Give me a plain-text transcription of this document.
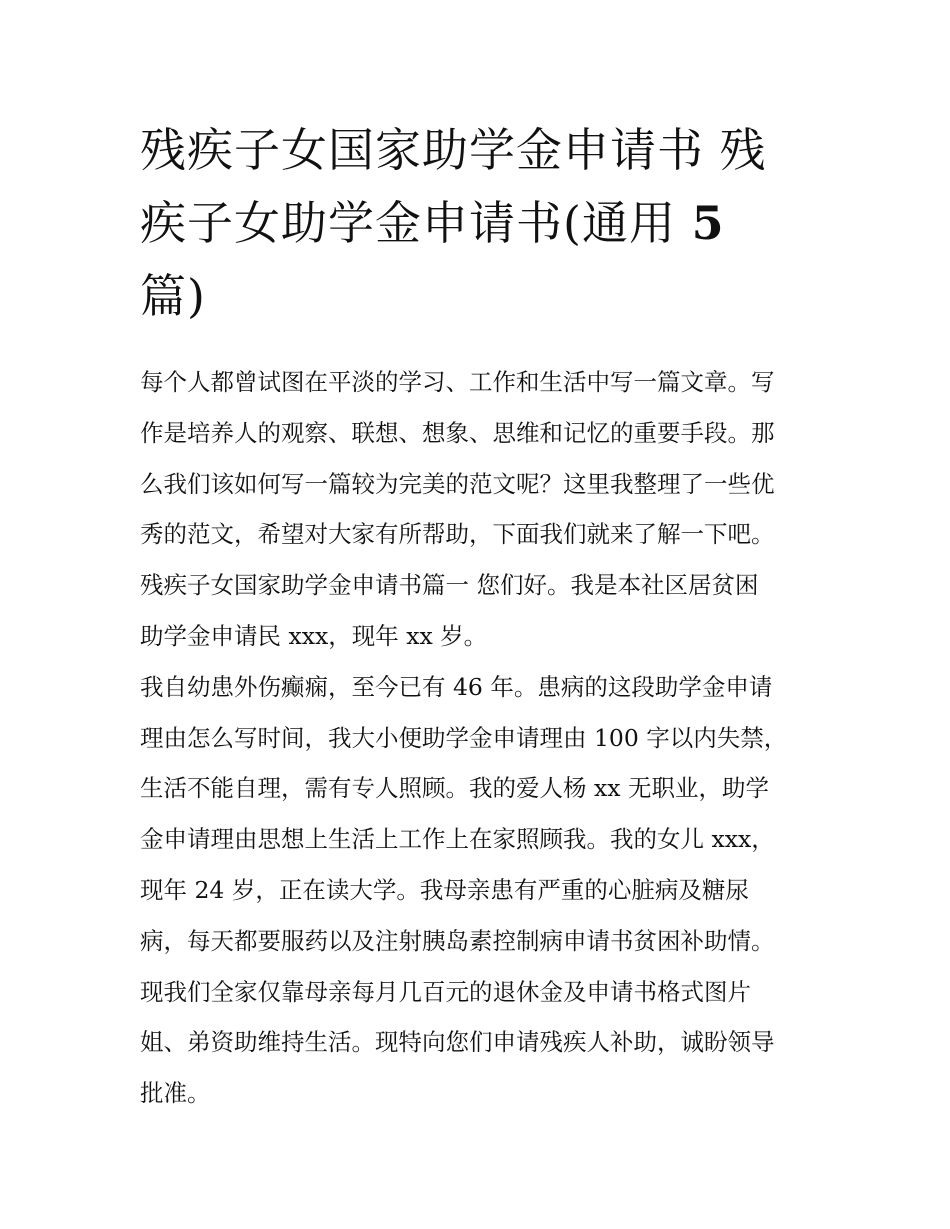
残疾子女国家助学金申请书 残
疾子女助学金申请书(通用 5
篇)
每个人都曾试图在平淡的学习、工作和生活中写一篇文章。写
作是培养人的观察、联想、想象、思维和记忆的重要手段。那
么我们该如何写一篇较为完美的范文呢？这里我整理了一些优
秀的范文，希望对大家有所帮助，下面我们就来了解一下吧。
残疾子女国家助学金申请书篇一 您们好。我是本社区居贫困
助学金申请民 xxx，现年 xx 岁。
我自幼患外伤癫痫，至今已有 46 年。患病的这段助学金申请
理由怎么写时间，我大小便助学金申请理由 100 字以内失禁，
生活不能自理，需有专人照顾。我的爱人杨 xx 无职业，助学
金申请理由思想上生活上工作上在家照顾我。我的女儿 xxx，
现年 24 岁，正在读大学。我母亲患有严重的心脏病及糖尿
病，每天都要服药以及注射胰岛素控制病申请书贫困补助情。
现我们全家仅靠母亲每月几百元的退休金及申请书格式图片
姐、弟资助维持生活。现特向您们申请残疾人补助，诚盼领导
批准。
